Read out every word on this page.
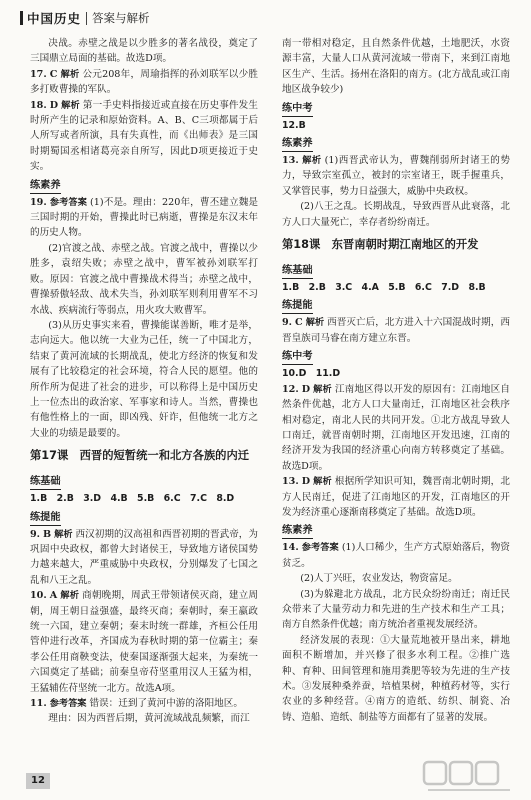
中国历史 答案与解析

决战。赤壁之战是以少胜多的著名战役，奠定了三国鼎立局面的基础。故选D项。

17. C 解析 公元208年，周瑜指挥的孙刘联军以少胜多打败曹操的军队。

18. D 解析 第一手史料指接近或直接在历史事件发生时所产生的记录和原始资料。A、B、C三项都属于后人所写或者所演，具有失真性，而《出师表》是三国时期蜀国丞相诸葛亮亲自所写，因此D项更接近于史实。

练素养

19. 参考答案 (1)不是。理由：220年，曹丕建立魏是三国时期的开始，曹操此时已病逝，曹操是东汉末年的历史人物。

(2)官渡之战、赤壁之战。官渡之战中，曹操以少胜多，袁绍失败；赤壁之战中，曹军被孙刘联军打败。原因：官渡之战中曹操战术得当；赤壁之战中，曹操骄傲轻敌、战术失当，孙刘联军则利用曹军不习水战、疾病流行等弱点，用火攻大败曹军。

(3)从历史事实来看，曹操能谋善断，唯才是举，志向远大。他以统一大业为己任，统一了中国北方，结束了黄河流域的长期战乱，使北方经济的恢复和发展有了比较稳定的社会环境，符合人民的愿望。他的所作所为促进了社会的进步，可以称得上是中国历史上一位杰出的政治家、军事家和诗人。当然，曹操也有他性格上的一面，即凶残、奸诈，但他统一北方之大业的功绩是最要的。

第17课　西晋的短暂统一和北方各族的内迁
练基础

1.B　2.B　3.D　4.B　5.B　6.C　7.C　8.D

练提能

9. B 解析 西汉初期的汉高祖和西晋初期的晋武帝，为巩固中央政权，都曾大封诸侯王，导致地方诸侯国势力越来越大，严重威胁中央政权，分别爆发了七国之乱和八王之乱。

10. A 解析 商朝晚期，周武王带领诸侯灭商，建立周朝，周王朝日益强盛，最终灭商；秦朝时，秦王嬴政统一六国，建立秦朝；秦末时统一群雄，齐桓公任用管仲进行改革，齐国成为春秋时期的第一位霸主；秦孝公任用商鞅变法，使秦国逐渐强大起来，为秦统一六国奠定了基础；前秦皇帝苻坚重用汉人王猛为相，王猛辅佐苻坚统一北方。故选A项。

11. 参考答案 错误：迁到了黄河中游的洛阳地区。

理由：因为西晋后期，黄河流域战乱频繁，而江

南一带相对稳定，且自然条件优越，土地肥沃，水资源丰富，大量人口从黄河流域一带南下，来到江南地区生产、生活。扬州在洛阳的南方。(北方战乱或江南地区战争较少)

练中考

12.B

练素养

13. 解析 (1)西晋武帝认为，曹魏削弱所封诸王的势力，导致宗室孤立，被封的宗室诸王，既手握重兵，又掌管民事，势力日益强大，威胁中央政权。

(2)八王之乱。长期战乱，导致西晋从此衰落，北方人口大量死亡，幸存者纷纷南迁。

第18课　东晋南朝时期江南地区的开发
练基础

1.B　2.B　3.C　4.A　5.B　6.C　7.D　8.B

练提能

9. C 解析 西晋灭亡后，北方进入十六国混战时期，西晋皇族司马睿在南方建立东晋。

练中考

10.D　11.D

12. D 解析 江南地区得以开发的原因有：江南地区自然条件优越，北方人口大量南迁，江南地区社会秩序相对稳定，南北人民的共同开发。①北方战乱导致人口南迁，就晋南朝时期，江南地区开发迅速，江南的经济开发为我国的经济重心向南方转移奠定了基础。故选D项。

13. D 解析 根据所学知识可知，魏晋南北朝时期，北方人民南迁，促进了江南地区的开发，江南地区的开发为经济重心逐渐南移奠定了基础。故选D项。

练素养

14. 参考答案 (1)人口稀少，生产方式原始落后，物资贫乏。

(2)人丁兴旺，农业发达，物资富足。

(3)为躲避北方战乱，北方民众纷纷南迁；南迁民众带来了大量劳动力和先进的生产技术和生产工具；南方自然条件优越；南方统治者重视发展经济。

经济发展的表现：①大量荒地被开垦出来，耕地面积不断增加，并兴修了很多水利工程。②推广选种、育种、田间管理和施用粪肥等较为先进的生产技术。③发展种桑养蚕，培植果树，种植药材等，实行农业的多种经营。④南方的造纸、纺织、制瓷、冶铸、造船、造纸、制盐等方面都有了显著的发展。

12
